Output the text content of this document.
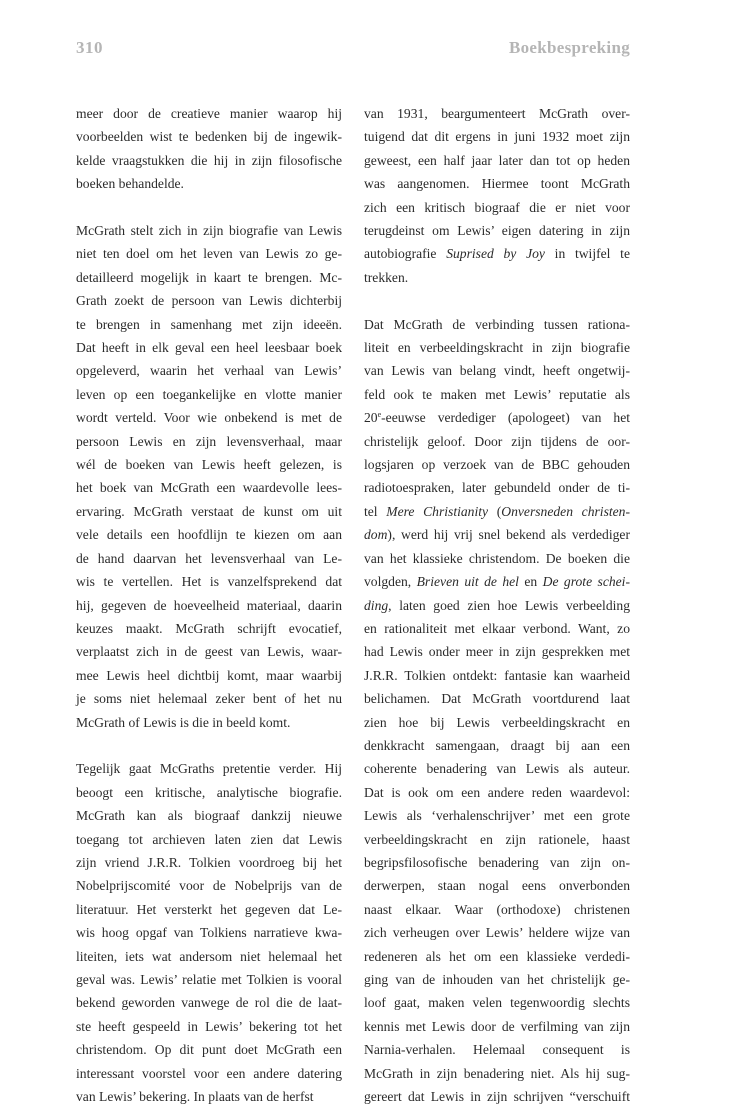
310	Boekbespreking

meer door de creatieve manier waarop hij
voorbeelden wist te bedenken bij de ingewik-
kelde vraagstukken die hij in zijn filosofische
boeken behandelde.

McGrath stelt zich in zijn biografie van Lewis
niet ten doel om het leven van Lewis zo ge-
detailleerd mogelijk in kaart te brengen. Mc-
Grath zoekt de persoon van Lewis dichterbij
te brengen in samenhang met zijn ideeën.
Dat heeft in elk geval een heel leesbaar boek
opgeleverd, waarin het verhaal van Lewis’
leven op een toegankelijke en vlotte manier
wordt verteld. Voor wie onbekend is met de
persoon Lewis en zijn levensverhaal, maar
wél de boeken van Lewis heeft gelezen, is
het boek van McGrath een waardevolle lees-
ervaring. McGrath verstaat de kunst om uit
vele details een hoofdlijn te kiezen om aan
de hand daarvan het levensverhaal van Le-
wis te vertellen. Het is vanzelfsprekend dat
hij, gegeven de hoeveelheid materiaal, daarin
keuzes maakt. McGrath schrijft evocatief,
verplaatst zich in de geest van Lewis, waar-
mee Lewis heel dichtbij komt, maar waarbij
je soms niet helemaal zeker bent of het nu
McGrath of Lewis is die in beeld komt.

Tegelijk gaat McGraths pretentie verder. Hij
beoogt een kritische, analytische biografie.
McGrath kan als biograaf dankzij nieuwe
toegang tot archieven laten zien dat Lewis
zijn vriend J.R.R. Tolkien voordroeg bij het
Nobelprijscomité voor de Nobelprijs van de
literatuur. Het versterkt het gegeven dat Le-
wis hoog opgaf van Tolkiens narratieve kwa-
liteiten, iets wat andersom niet helemaal het
geval was. Lewis’ relatie met Tolkien is vooral
bekend geworden vanwege de rol die de laat-
ste heeft gespeeld in Lewis’ bekering tot het
christendom. Op dit punt doet McGrath een
interessant voorstel voor een andere datering
van Lewis’ bekering. In plaats van de herfst

van 1931, beargumenteert McGrath over-
tuigend dat dit ergens in juni 1932 moet zijn
geweest, een half jaar later dan tot op heden
was aangenomen. Hiermee toont McGrath
zich een kritisch biograaf die er niet voor
terugdeinst om Lewis’ eigen datering in zijn
autobiografie Suprised by Joy in twijfel te
trekken.

Dat McGrath de verbinding tussen rationa-
liteit en verbeeldingskracht in zijn biografie
van Lewis van belang vindt, heeft ongetwij-
feld ook te maken met Lewis’ reputatie als
20e-eeuwse verdediger (apologeet) van het
christelijk geloof. Door zijn tijdens de oor-
logsjaren op verzoek van de BBC gehouden
radiotoespraken, later gebundeld onder de ti-
tel Mere Christianity (Onversneden christen-
dom), werd hij vrij snel bekend als verdediger
van het klassieke christendom. De boeken die
volgden, Brieven uit de hel en De grote schei-
ding, laten goed zien hoe Lewis verbeelding
en rationaliteit met elkaar verbond. Want, zo
had Lewis onder meer in zijn gesprekken met
J.R.R. Tolkien ontdekt: fantasie kan waarheid
belichamen. Dat McGrath voortdurend laat
zien hoe bij Lewis verbeeldingskracht en
denkkracht samengaan, draagt bij aan een
coherente benadering van Lewis als auteur.
Dat is ook om een andere reden waardevol:
Lewis als ‘verhalenschrijver’ met een grote
verbeeldingskracht en zijn rationele, haast
begripsfilosofische benadering van zijn on-
derwerpen, staan nogal eens onverbonden
naast elkaar. Waar (orthodoxe) christenen
zich verheugen over Lewis’ heldere wijze van
redeneren als het om een klassieke verdedi-
ging van de inhouden van het christelijk ge-
loof gaat, maken velen tegenwoordig slechts
kennis met Lewis door de verfilming van zijn
Narnia-verhalen. Helemaal consequent is
McGrath in zijn benadering niet. Als hij sug-
gereert dat Lewis in zijn schrijven “verschuift
